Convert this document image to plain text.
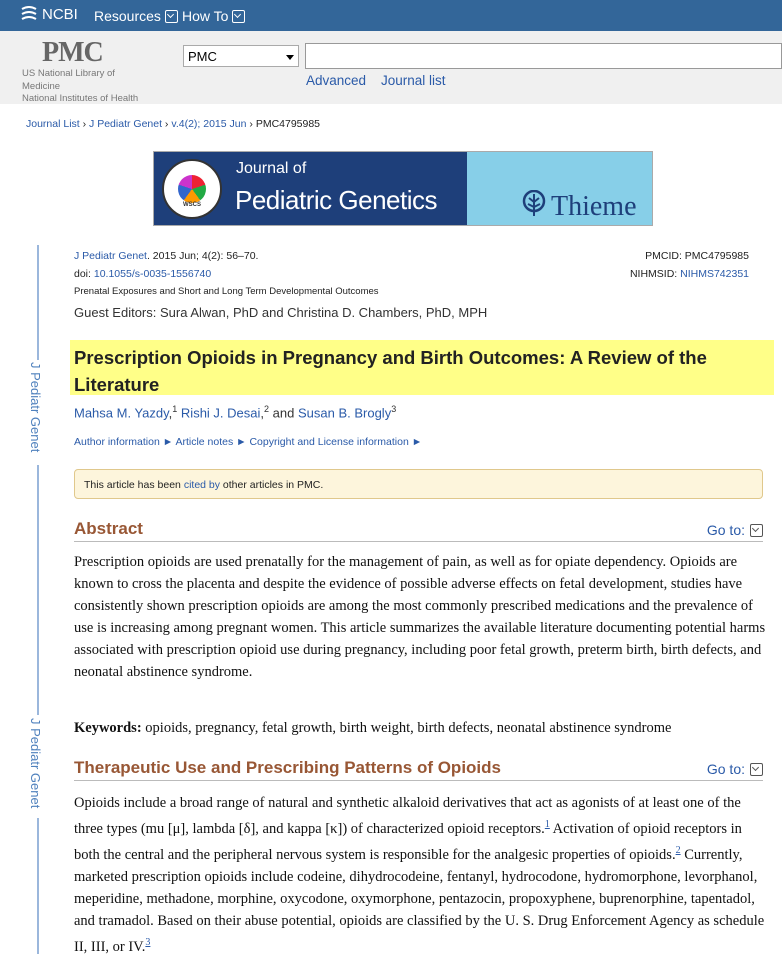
NCBI Resources How To
PMC
US National Library of
Medicine
National Institutes of Health
PMC
Advanced Journal list
Journal List › J Pediatr Genet › v.4(2); 2015 Jun › PMC4795985
WSCS
Journal of
Pediatric Genetics	Thieme
J Pediatr Genet
J Pediatr Genet
J Pediatr Genet. 2015 Jun; 4(2): 56–70.
doi: 10.1055/s-0035-1556740
Prenatal Exposures and Short and Long Term Developmental Outcomes
PMCID: PMC4795985
NIHMSID: NIHMS742351
Guest Editors: Sura Alwan, PhD and Christina D. Chambers, PhD, MPH
Prescription Opioids in Pregnancy and Birth Outcomes: A Review of the Literature
Mahsa M. Yazdy,$^1$ Rishi J. Desai,$^2$ and Susan B. Brogly$^3$
Author information ► Article notes ► Copyright and License information ►
This article has been cited by other articles in PMC.
Abstract	Go to:
Prescription opioids are used prenatally for the management of pain, as well as for opiate dependency. Opioids are known to cross the placenta and despite the evidence of possible adverse effects on fetal development, studies have consistently shown prescription opioids are among the most commonly prescribed medications and the prevalence of use is increasing among pregnant women. This article summarizes the available literature documenting potential harms associated with prescription opioid use during pregnancy, including poor fetal growth, preterm birth, birth defects, and neonatal abstinence syndrome.
Keywords: opioids, pregnancy, fetal growth, birth weight, birth defects, neonatal abstinence syndrome
Therapeutic Use and Prescribing Patterns of Opioids	Go to:
Opioids include a broad range of natural and synthetic alkaloid derivatives that act as agonists of at least one of the three types (mu [μ], lambda [δ], and kappa [κ]) of characterized opioid receptors.$^1$ Activation of opioid receptors in both the central and the peripheral nervous system is responsible for the analgesic properties of opioids.$^2$ Currently, marketed prescription opioids include codeine, dihydrocodeine, fentanyl, hydrocodone, hydromorphone, levorphanol, meperidine, methadone, morphine, oxycodone, oxymorphone, pentazocin, propoxyphene, buprenorphine, tapentadol, and tramadol. Based on their abuse potential, opioids are classified by the U. S. Drug Enforcement Agency as schedule II, III, or IV.$^3$
